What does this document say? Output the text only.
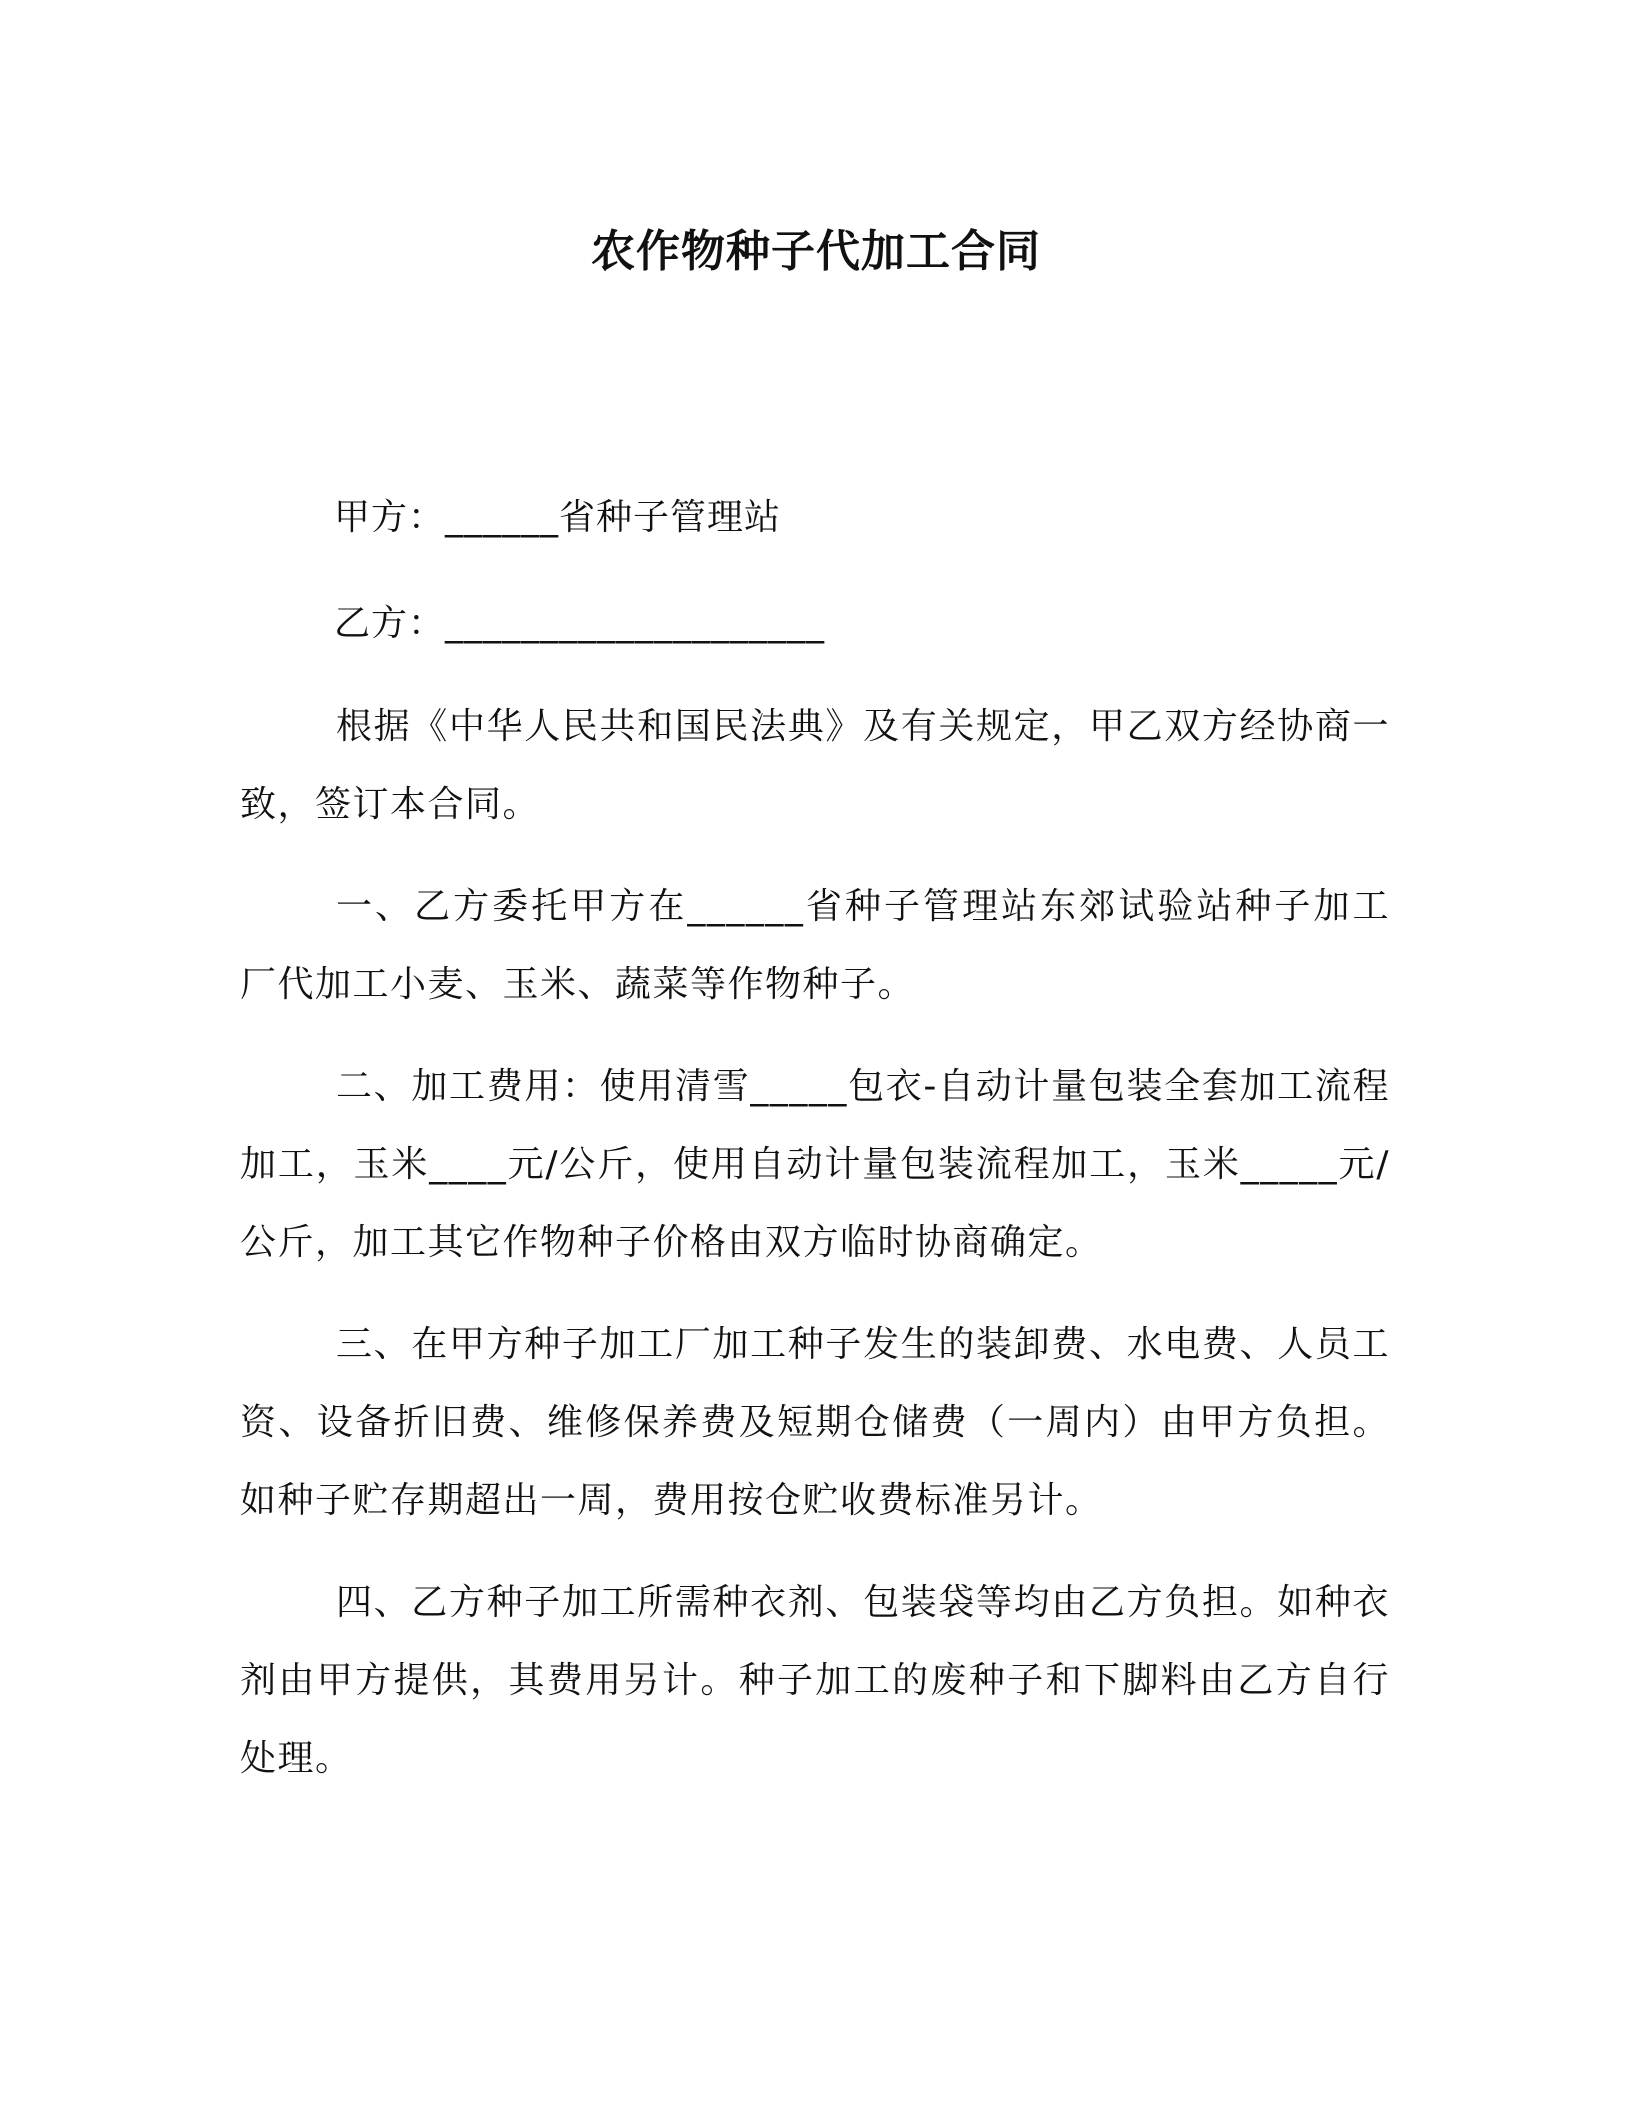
农作物种子代加工合同
甲方：______省种子管理站
乙方：____________________

根据《中华人民共和国民法典》及有关规定，甲乙双方经协商一致，签订本合同。

一、乙方委托甲方在______省种子管理站东郊试验站种子加工厂代加工小麦、玉米、蔬菜等作物种子。

二、加工费用：使用清雪_____包衣-自动计量包装全套加工流程加工，玉米____元/公斤，使用自动计量包装流程加工，玉米_____元/公斤，加工其它作物种子价格由双方临时协商确定。

三、在甲方种子加工厂加工种子发生的装卸费、水电费、人员工资、设备折旧费、维修保养费及短期仓储费（一周内）由甲方负担。如种子贮存期超出一周，费用按仓贮收费标准另计。

四、乙方种子加工所需种衣剂、包装袋等均由乙方负担。如种衣剂由甲方提供，其费用另计。种子加工的废种子和下脚料由乙方自行处理。
